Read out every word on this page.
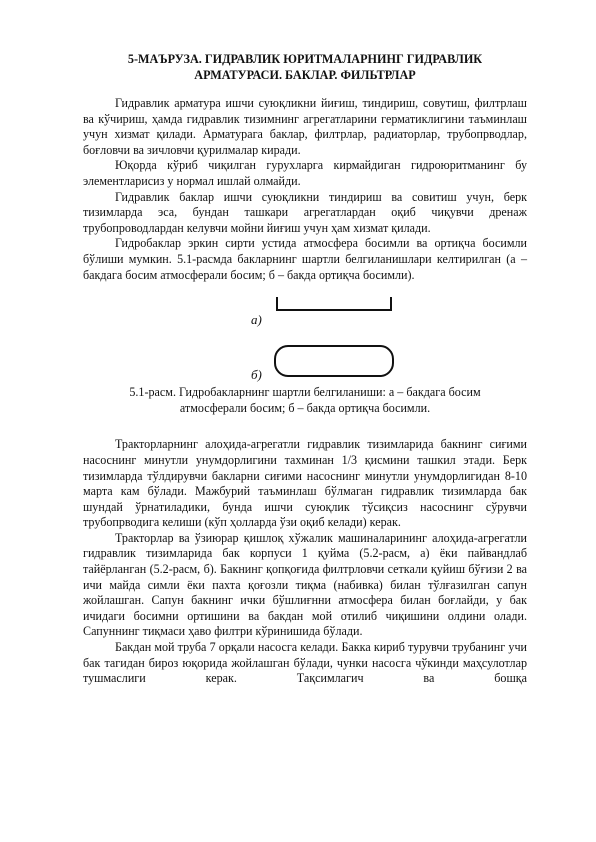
5-МАЪРУЗА. ГИДРАВЛИК ЮРИТМАЛАРНИНГ ГИДРАВЛИК
АРМАТУРАСИ. БАКЛАР. ФИЛЬТРЛАР

Гидравлик арматура ишчи суюқликни йиғиш, тиндириш, совутиш, филтрлаш ва кўчириш, ҳамда гидравлик тизимнинг агрегатларини герматиклигини таъминлаш учун хизмат қилади. Арматурага баклар, филтрлар, радиаторлар, трубопрводлар, боғловчи ва зичловчи қурилмалар киради.

Юқорда кўриб чиқилган гурухларга кирмайдиган гидроюритманинг бу элементларисиз у нормал ишлай олмайди.

Гидравлик баклар ишчи суюқликни тиндириш ва совитиш учун, берк тизимларда эса, бундан ташкари агрегатлардан оқиб чиқувчи дренаж трубопроводлардан келувчи мойни йиғиш учун ҳам хизмат қилади.

Гидробаклар эркин сирти устида атмосфера босимли ва ортиқча босимли бўлиши мумкин. 5.1-расмда бакларнинг шартли белгиланишлари келтирилган (а – бакдага босим атмосферали босим; б – бакда ортиқча босимли).

а)
б)
5.1-расм. Гидробакларнинг шартли белгиланиши: а – бакдага босим
атмосферали босим; б – бакда ортиқча босимли.

Тракторларнинг алоҳида-агрегатли гидравлик тизимларида бакнинг сиғими насоснинг минутли унумдорлигини тахминан 1/3 қисмини ташкил этади. Берк тизимларда тўлдирувчи бакларни сиғими насоснинг минутли унумдорлигидан 8-10 марта кам бўлади. Мажбурий таъминлаш бўлмаган гидравлик тизимларда бак шундай ўрнатиладики, бунда ишчи суюқлик тўсиқсиз насоснинг сўрувчи трубопрводига келиши (кўп ҳолларда ўзи оқиб келади) керак.

Тракторлар ва ўзиюрар қишлоқ хўжалик машиналарининг алоҳида-агрегатли гидравлик тизимларида бак корпуси 1 қуйма (5.2-расм, а) ёки пайвандлаб тайёрланган (5.2-расм, б). Бакнинг қопқоғида филтрловчи сеткали қуйиш бўғизи 2 ва ичи майда симли ёки пахта қоғозли тиқма (набивка) билан тўлғазилган сапун жойлашган. Сапун бакнинг ички бўшлиғнни атмосфера билан боғлайди, у бак ичидаги босимни ортишини ва бакдан мой отилиб чиқишини олдини олади. Сапуннинг тиқмаси ҳаво филтри кўринишида бўлади.

Бакдан мой труба 7 орқали насосга келади. Бакка кириб турувчи трубанинг учи бак тагидан бироз юқорида жойлашган бўлади, чунки насосга чўкинди маҳсулотлар тушмаслиги керак. Тақсимлагич ва бошқа
